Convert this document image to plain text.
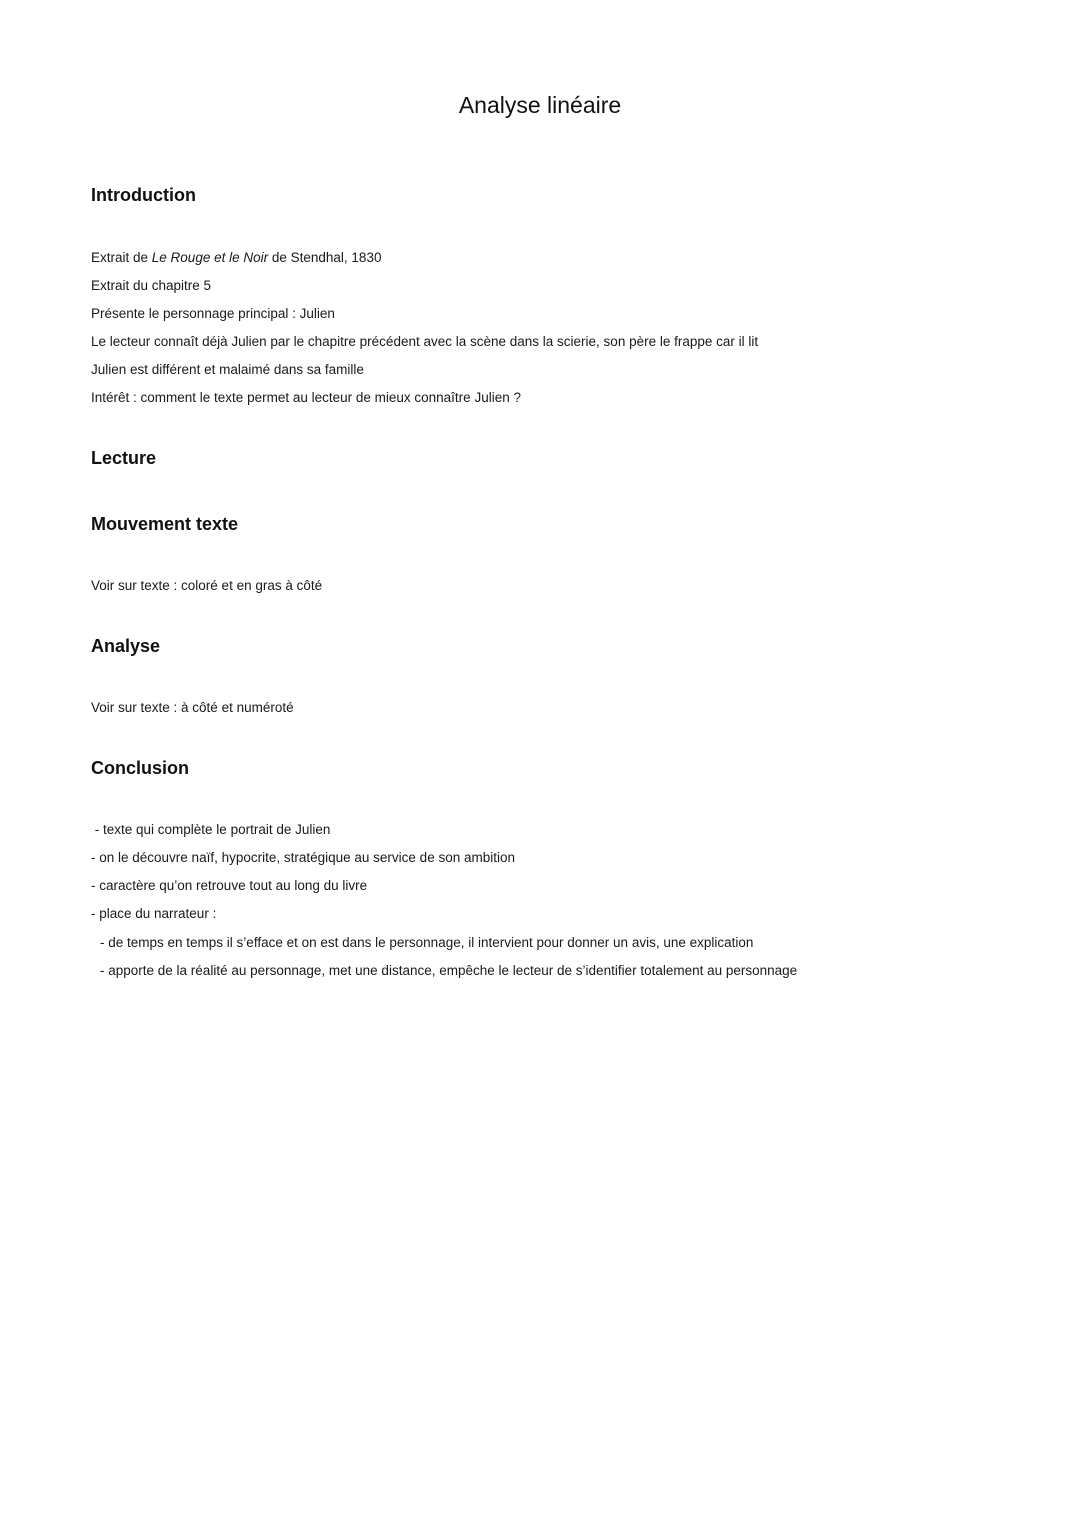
Analyse linéaire
Introduction

Extrait de Le Rouge et le Noir de Stendhal, 1830

Extrait du chapitre 5

Présente le personnage principal : Julien

Le lecteur connaît déjà Julien par le chapitre précédent avec la scène dans la scierie, son père le frappe car il lit

Julien est différent et malaimé dans sa famille

Intérêt : comment le texte permet au lecteur de mieux connaître Julien ?

Lecture
Mouvement texte

Voir sur texte : coloré et en gras à côté

Analyse

Voir sur texte : à côté et numéroté

Conclusion

- texte qui complète le portrait de Julien

- on le découvre naïf, hypocrite, stratégique au service de son ambition

- caractère qu’on retrouve tout au long du livre

- place du narrateur :

- de temps en temps il s’efface et on est dans le personnage, il intervient pour donner un avis, une explication

- apporte de la réalité au personnage, met une distance, empêche le lecteur de s’identifier totalement au personnage
